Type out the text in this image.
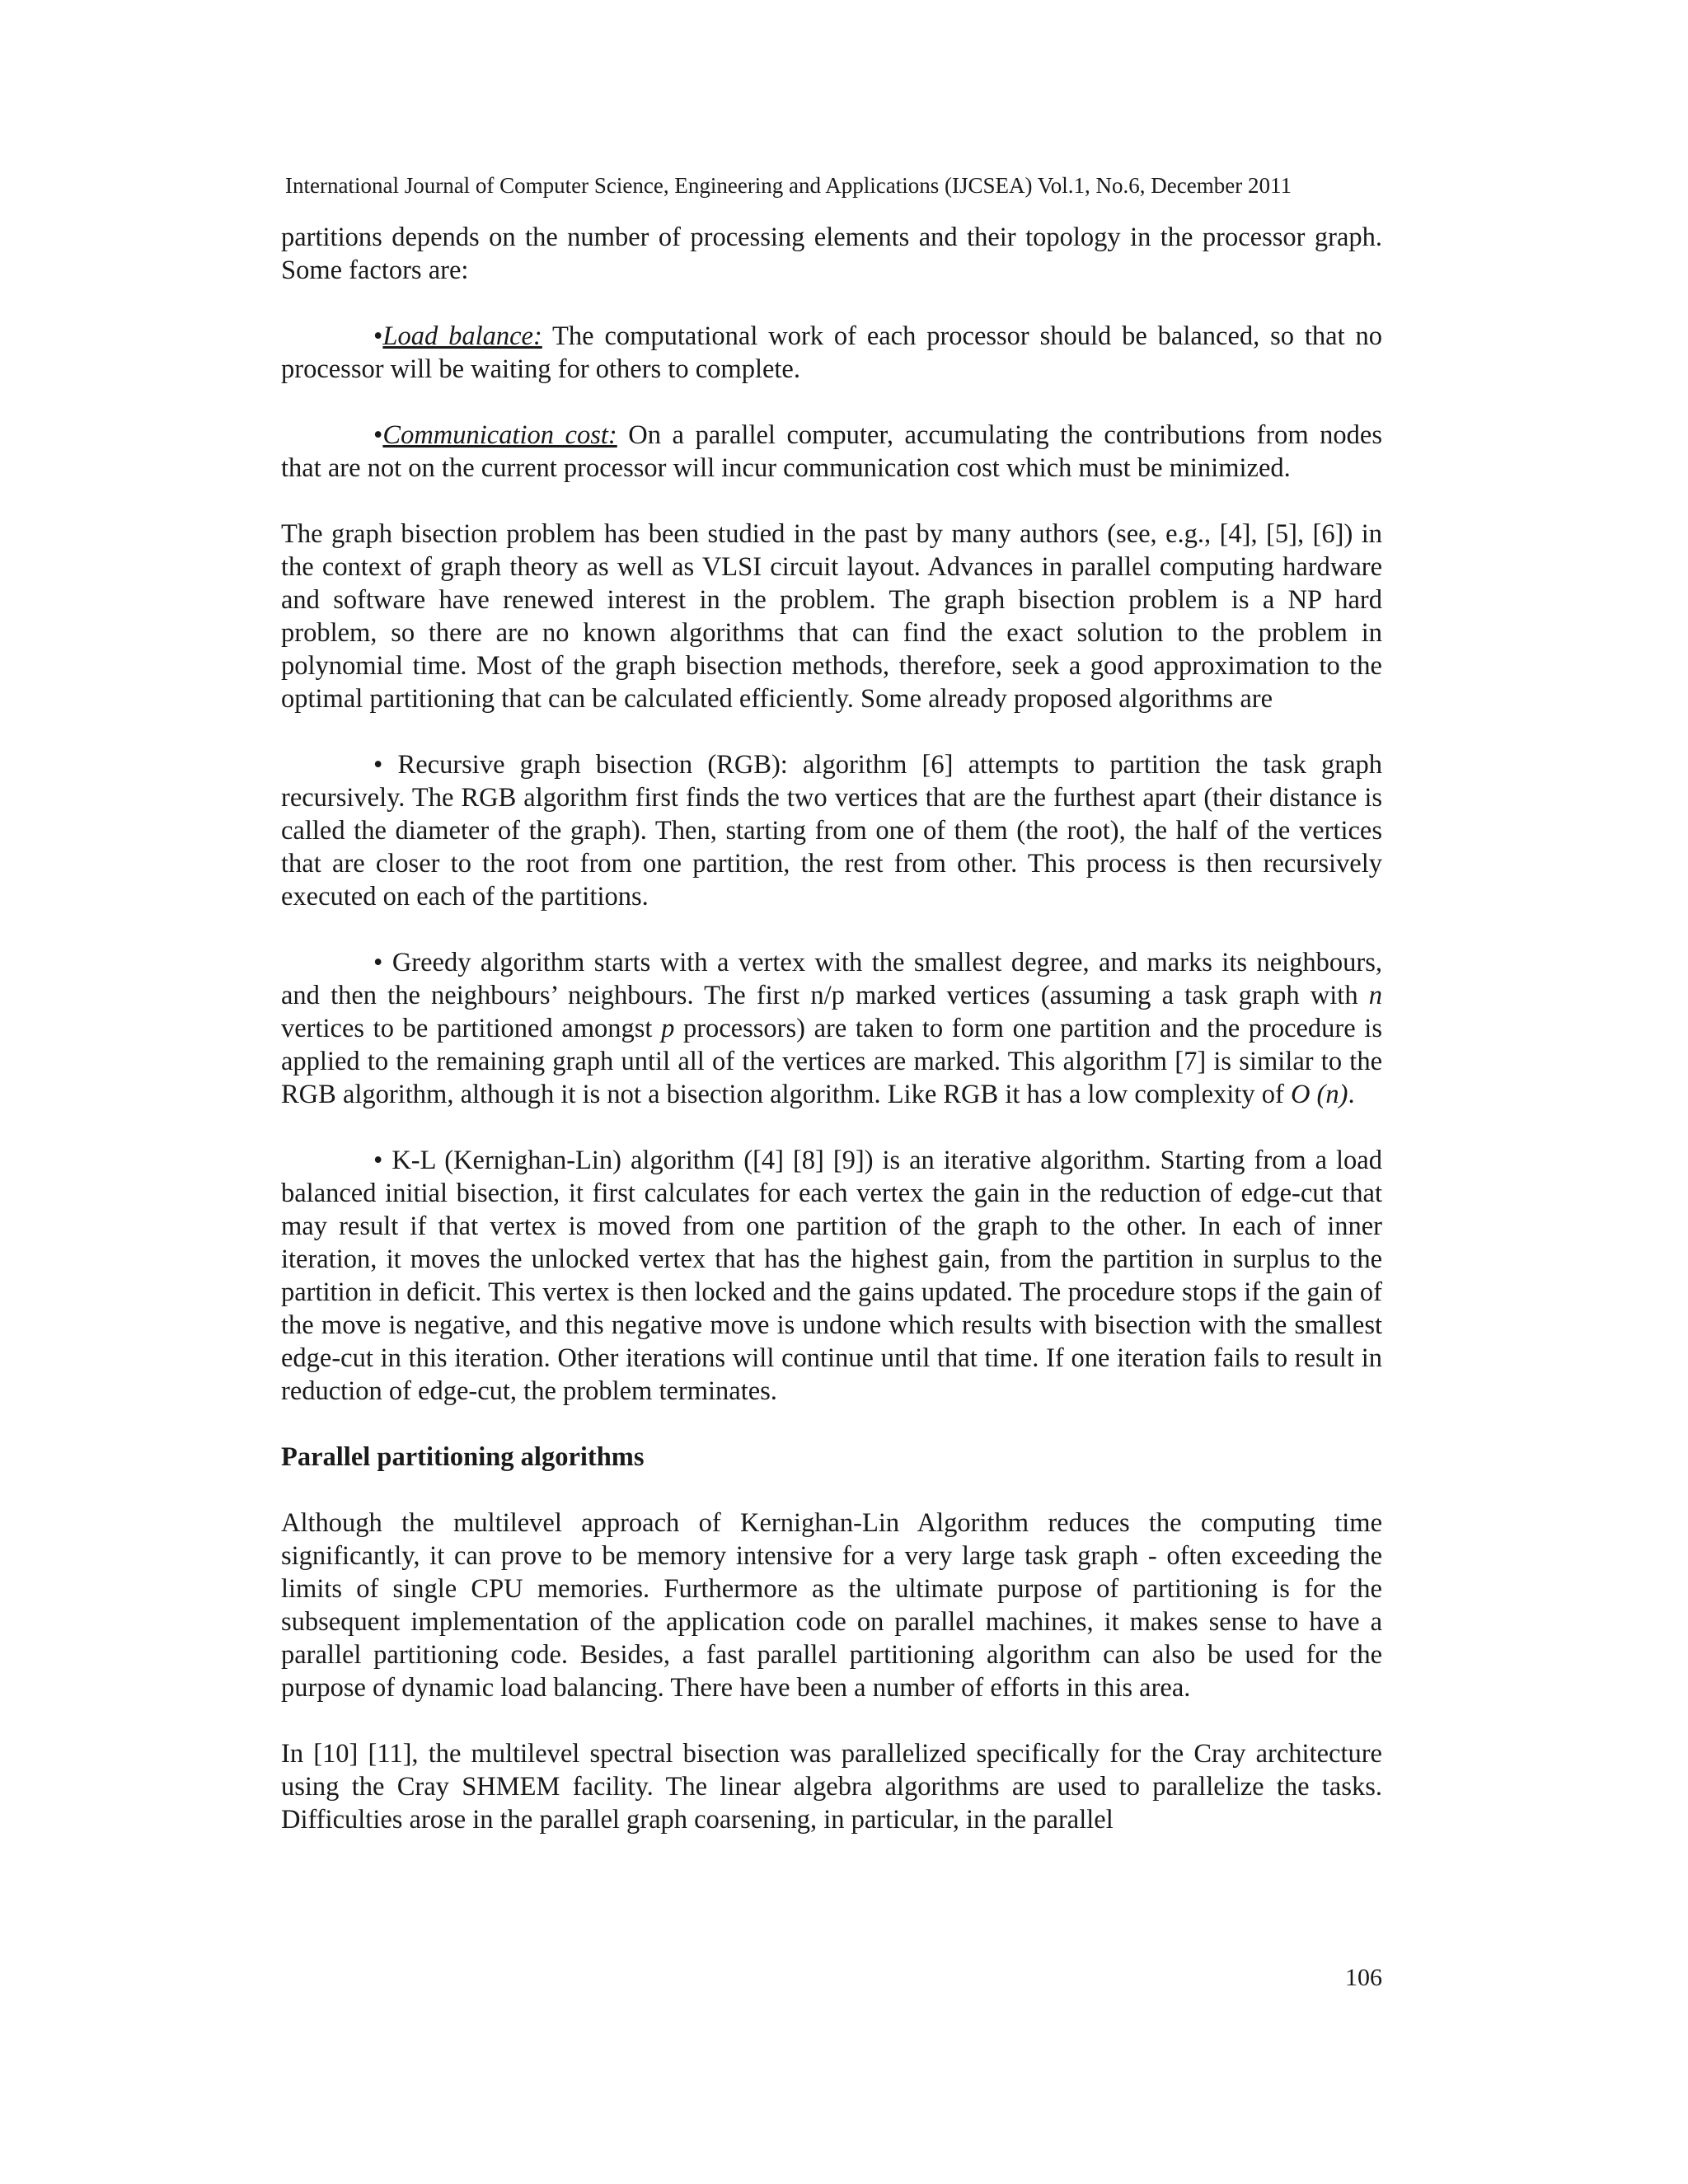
International Journal of Computer Science, Engineering and Applications (IJCSEA) Vol.1, No.6, December 2011

partitions depends on the number of processing elements and their topology in the processor graph. Some factors are:

•Load balance: The computational work of each processor should be balanced, so that no processor will be waiting for others to complete.

•Communication cost: On a parallel computer, accumulating the contributions from nodes that are not on the current processor will incur communication cost which must be minimized.

The graph bisection problem has been studied in the past by many authors (see, e.g., [4], [5], [6]) in the context of graph theory as well as VLSI circuit layout. Advances in parallel computing hardware and software have renewed interest in the problem. The graph bisection problem is a NP hard problem, so there are no known algorithms that can find the exact solution to the problem in polynomial time. Most of the graph bisection methods, therefore, seek a good approximation to the optimal partitioning that can be calculated efficiently. Some already proposed algorithms are

• Recursive graph bisection (RGB): algorithm [6] attempts to partition the task graph recursively. The RGB algorithm first finds the two vertices that are the furthest apart (their distance is called the diameter of the graph). Then, starting from one of them (the root), the half of the vertices that are closer to the root from one partition, the rest from other. This process is then recursively executed on each of the partitions.

• Greedy algorithm starts with a vertex with the smallest degree, and marks its neighbours, and then the neighbours’ neighbours. The first n/p marked vertices (assuming a task graph with n vertices to be partitioned amongst p processors) are taken to form one partition and the procedure is applied to the remaining graph until all of the vertices are marked. This algorithm [7] is similar to the RGB algorithm, although it is not a bisection algorithm. Like RGB it has a low complexity of O (n).

• K-L (Kernighan-Lin) algorithm ([4] [8] [9]) is an iterative algorithm. Starting from a load balanced initial bisection, it first calculates for each vertex the gain in the reduction of edge-cut that may result if that vertex is moved from one partition of the graph to the other. In each of inner iteration, it moves the unlocked vertex that has the highest gain, from the partition in surplus to the partition in deficit. This vertex is then locked and the gains updated. The procedure stops if the gain of the move is negative, and this negative move is undone which results with bisection with the smallest edge-cut in this iteration. Other iterations will continue until that time. If one iteration fails to result in reduction of edge-cut, the problem terminates.

Parallel partitioning algorithms

Although the multilevel approach of Kernighan-Lin Algorithm reduces the computing time significantly, it can prove to be memory intensive for a very large task graph - often exceeding the limits of single CPU memories. Furthermore as the ultimate purpose of partitioning is for the subsequent implementation of the application code on parallel machines, it makes sense to have a parallel partitioning code. Besides, a fast parallel partitioning algorithm can also be used for the purpose of dynamic load balancing. There have been a number of efforts in this area.

In [10] [11], the multilevel spectral bisection was parallelized specifically for the Cray architecture using the Cray SHMEM facility. The linear algebra algorithms are used to parallelize the tasks. Difficulties arose in the parallel graph coarsening, in particular, in the parallel

106
